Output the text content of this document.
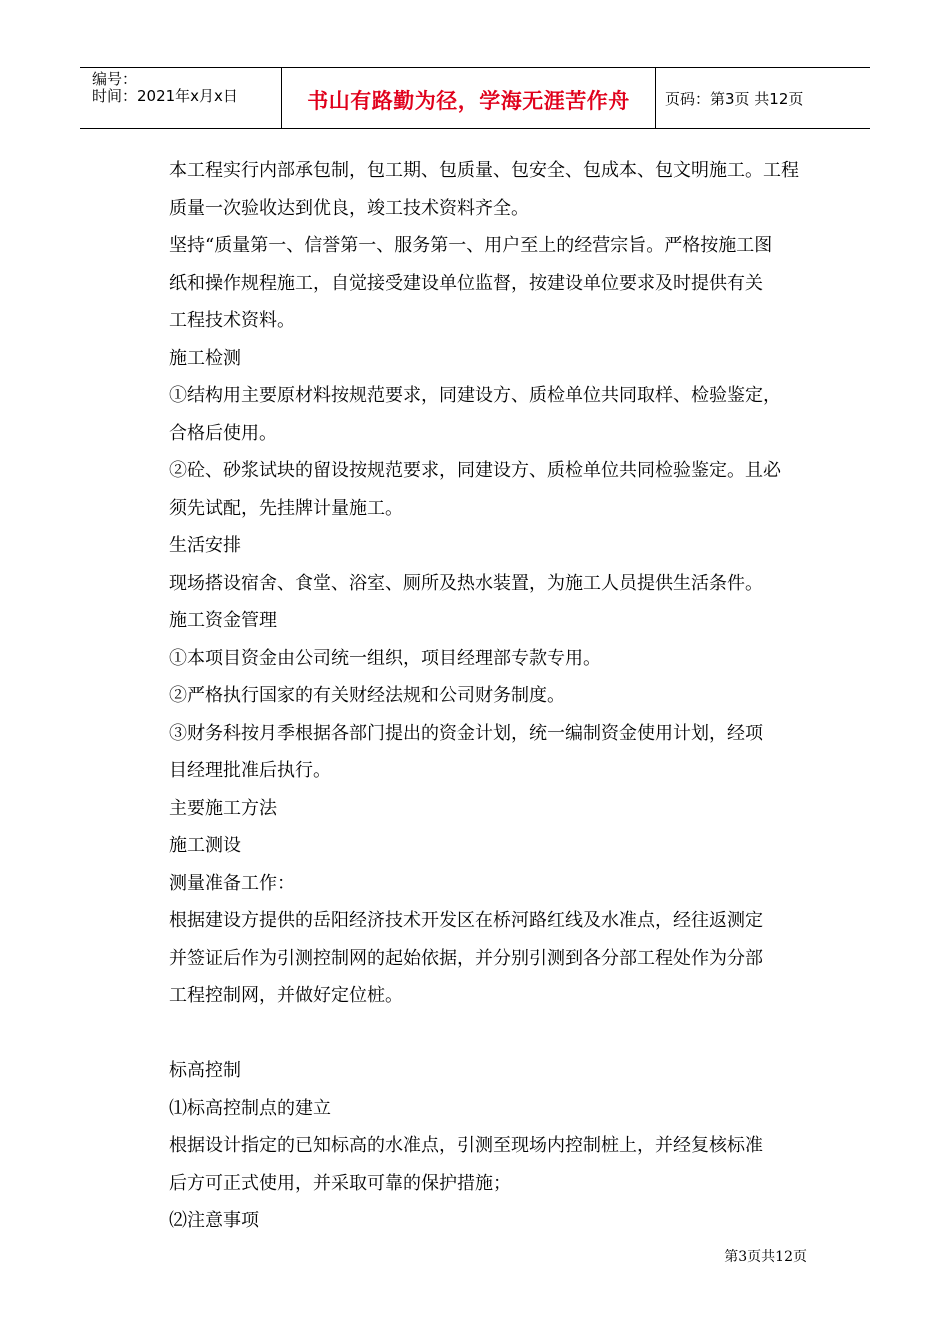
编号：
时间：2021年x月x日	书山有路勤为径，学海无涯苦作舟 页码：第3页 共12页

本工程实行内部承包制，包工期、包质量、包安全、包成本、包文明施工。工程

质量一次验收达到优良，竣工技术资料齐全。

坚持“质量第一、信誉第一、服务第一、用户至上的经营宗旨。严格按施工图

纸和操作规程施工，自觉接受建设单位监督，按建设单位要求及时提供有关

工程技术资料。

施工检测

①结构用主要原材料按规范要求，同建设方、质检单位共同取样、检验鉴定，

合格后使用。

②砼、砂浆试块的留设按规范要求，同建设方、质检单位共同检验鉴定。且必

须先试配，先挂牌计量施工。

生活安排

现场搭设宿舍、食堂、浴室、厕所及热水装置，为施工人员提供生活条件。

施工资金管理

①本项目资金由公司统一组织，项目经理部专款专用。

②严格执行国家的有关财经法规和公司财务制度。

③财务科按月季根据各部门提出的资金计划，统一编制资金使用计划，经项

目经理批准后执行。

主要施工方法

施工测设

测量准备工作：

根据建设方提供的岳阳经济技术开发区在桥河路红线及水准点，经往返测定

并签证后作为引测控制网的起始依据，并分别引测到各分部工程处作为分部

工程控制网，并做好定位桩。

标高控制

⑴标高控制点的建立

根据设计指定的已知标高的水准点，引测至现场内控制桩上，并经复核标准

后方可正式使用，并采取可靠的保护措施；

⑵注意事项

第3页共12页
